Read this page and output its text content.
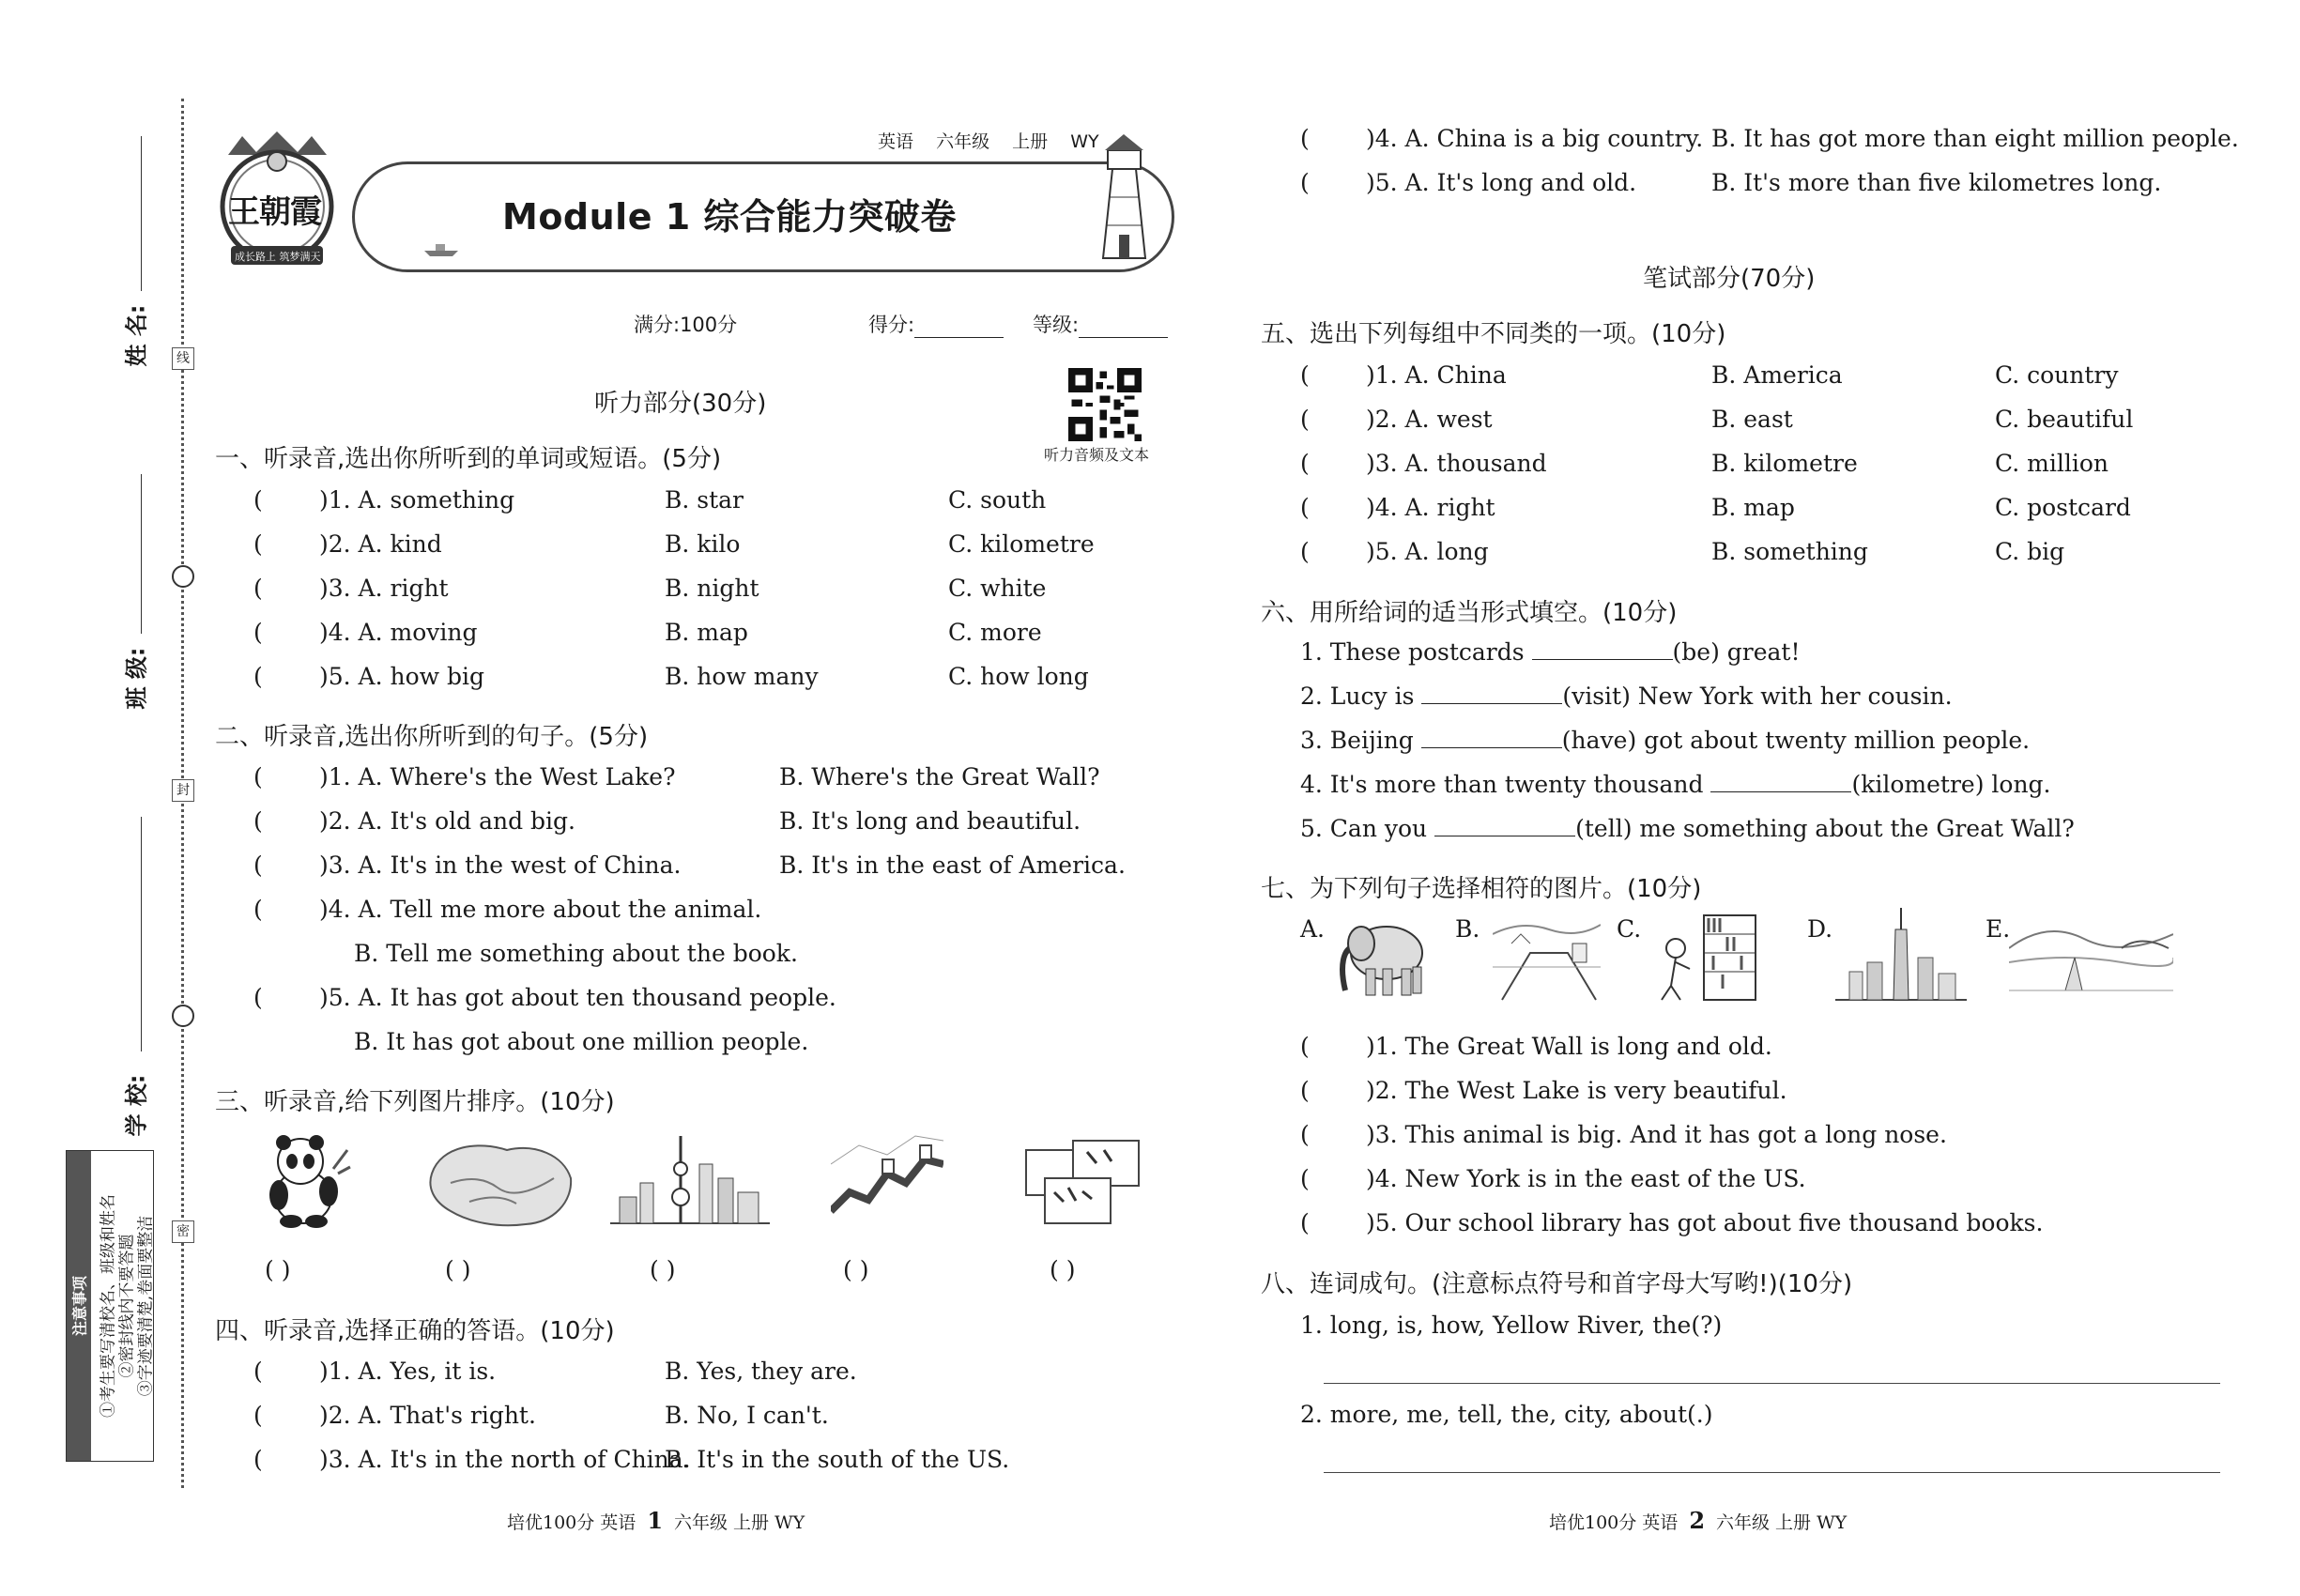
姓 名:
班 级:
学 校:
线
封
密
注意事项 ①考生要写清校名、班级和姓名 ②密封线内不要答题 ③字迹要清楚,卷面要整洁
王朝霞
成长路上 筑梦满天
英语 六年级 上册 WY
Module 1 综合能力突破卷
满分:100分	得分:	等级:
听力音频及文本
听力部分(30分)
一、听录音,选出你所听到的单词或短语。(5分)
( )1. A. something	B. star	C. south
( )2. A. kind	B. kilo	C. kilometre
( )3. A. right	B. night	C. white
( )4. A. moving	B. map	C. more
( )5. A. how big	B. how many	C. how long
二、听录音,选出你所听到的句子。(5分)
( )1. A. Where's the West Lake?	B. Where's the Great Wall?
( )2. A. It's old and big.	B. It's long and beautiful.
( )3. A. It's in the west of China.	B. It's in the east of America.
( )4. A. Tell me more about the animal.
B. Tell me something about the book.
( )5. A. It has got about ten thousand people.
B. It has got about one million people.
三、听录音,给下列图片排序。(10分)
( )	( )	( )	( )	( )
四、听录音,选择正确的答语。(10分)
( )1. A. Yes, it is.	B. Yes, they are.
( )2. A. That's right.	B. No, I can't.
( )3. A. It's in the north of China.
B. It's in the south of the US.
培优100分 英语 1 六年级 上册 WY
( )4. A. China is a big country. B. It has got more than eight million people.
( )5. A. It's long and old.	B. It's more than five kilometres long.
笔试部分(70分)
五、选出下列每组中不同类的一项。(10分)
( )1. A. China	B. America	C. country
( )2. A. west	B. east	C. beautiful
( )3. A. thousand	B. kilometre	C. million
( )4. A. right	B. map	C. postcard
( )5. A. long	B. something	C. big
六、用所给词的适当形式填空。(10分)
1. These postcards	(be) great!
2. Lucy is	(visit) New York with her cousin.
3. Beijing	(have) got about twenty million people.
4. It's more than twenty thousand	(kilometre) long.
5. Can you	(tell) me something about the Great Wall?
七、为下列句子选择相符的图片。(10分)
A.	B.	C.	D.	E.
( )1. The Great Wall is long and old.
( )2. The West Lake is very beautiful.
( )3. This animal is big. And it has got a long nose.
( )4. New York is in the east of the US.
( )5. Our school library has got about five thousand books.
八、连词成句。(注意标点符号和首字母大写哟!)(10分)
1. long, is, how, Yellow River, the(?)
2. more, me, tell, the, city, about(.)
培优100分 英语 2 六年级 上册 WY
